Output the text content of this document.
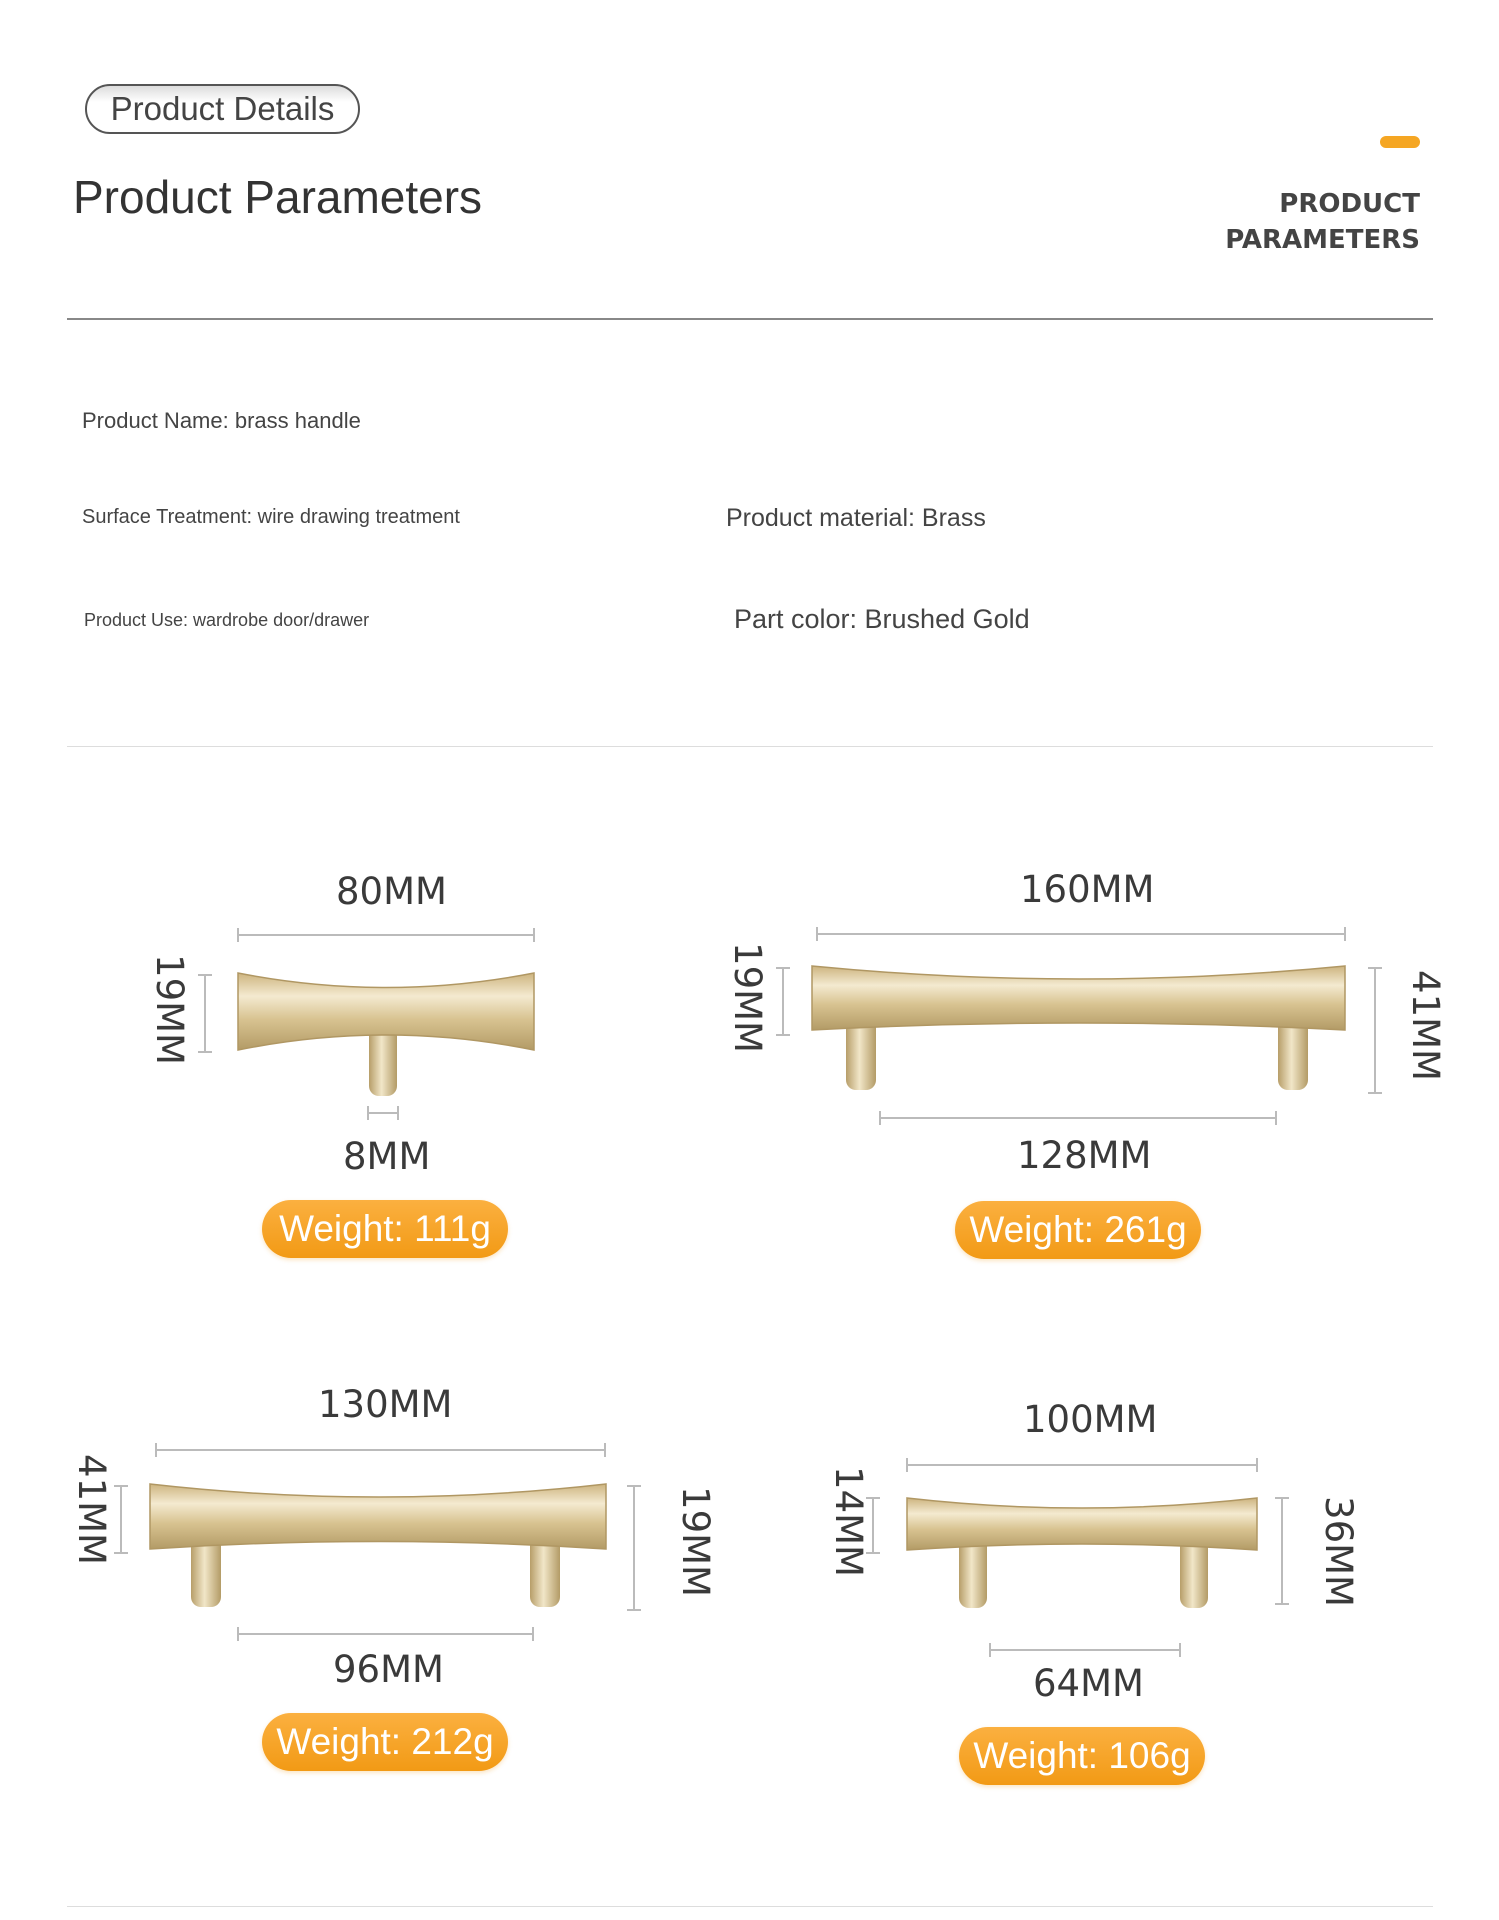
Product Details
Product Parameters	PRODUCT
PARAMETERS
Product Name: brass handle
Surface Treatment: wire drawing treatment	Product material: Brass
Product Use: wardrobe door/drawer	Part color: Brushed Gold
80MM
19MM
8MM
Weight: 111g
160MM
19MM	41MM
128MM
Weight: 261g
130MM
41MM	19MM
96MM
Weight: 212g
100MM
14MM	36MM
64MM
Weight: 106g
